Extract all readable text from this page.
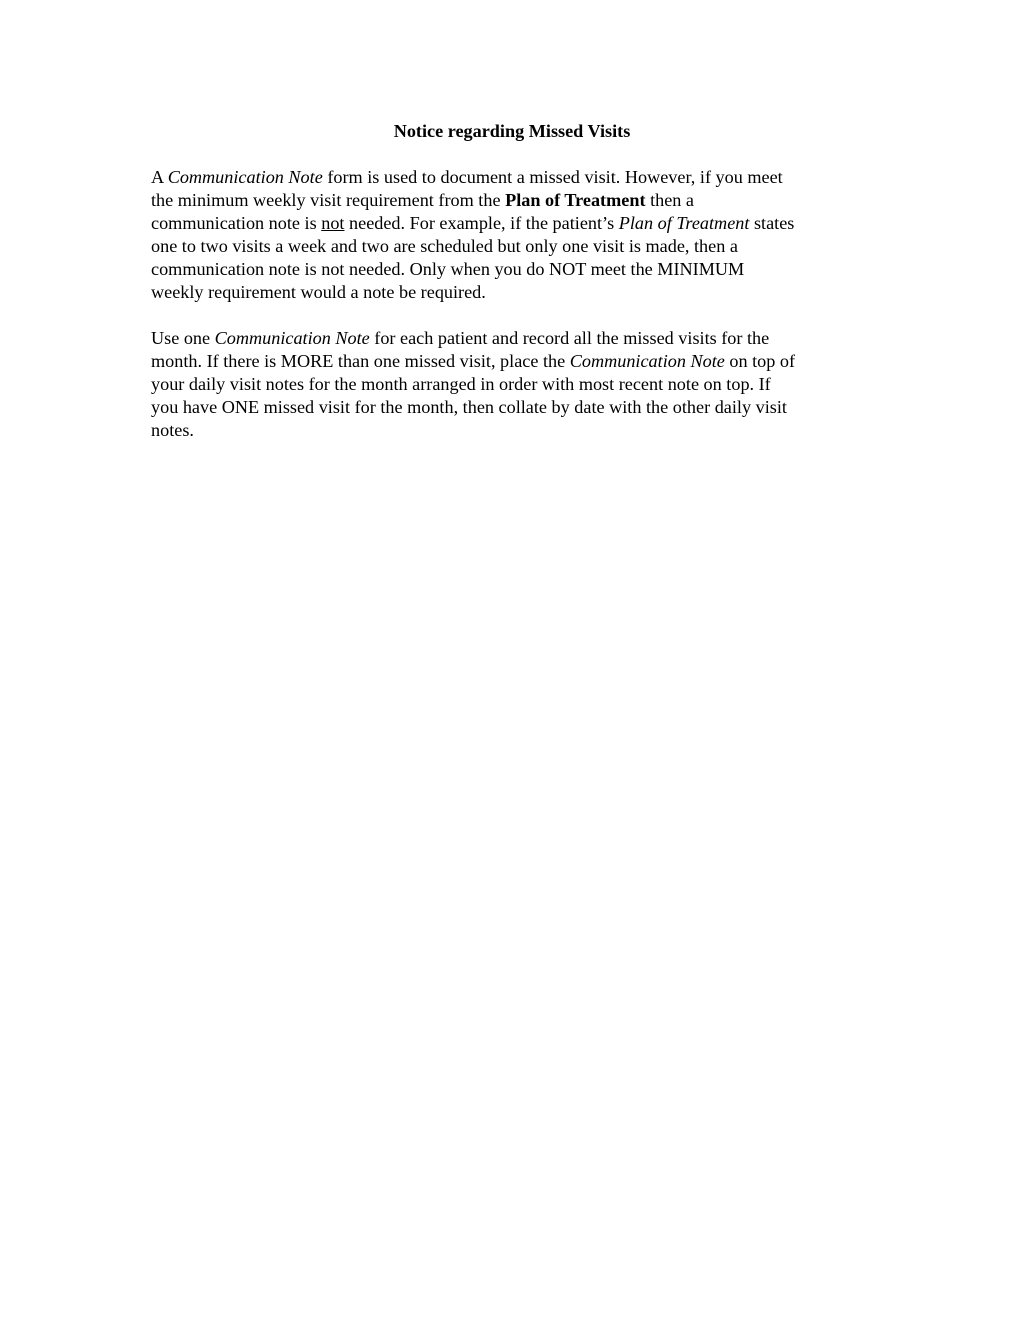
Notice regarding Missed Visits
A Communication Note form is used to document a missed visit. However, if you meet
the minimum weekly visit requirement from the Plan of Treatment then a
communication note is not needed. For example, if the patient’s Plan of Treatment states
one to two visits a week and two are scheduled but only one visit is made, then a
communication note is not needed. Only when you do NOT meet the MINIMUM
weekly requirement would a note be required.
Use one Communication Note for each patient and record all the missed visits for the
month. If there is MORE than one missed visit, place the Communication Note on top of
your daily visit notes for the month arranged in order with most recent note on top. If
you have ONE missed visit for the month, then collate by date with the other daily visit
notes.
